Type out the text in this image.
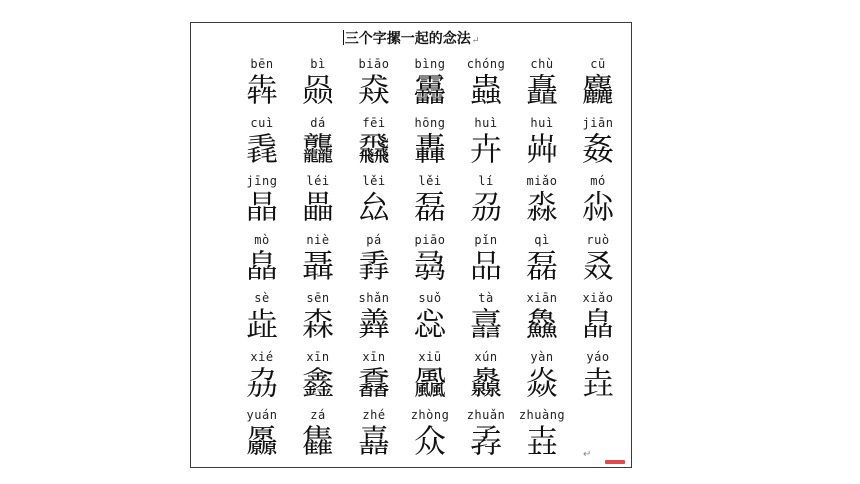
三个字摞一起的念法↵
bēn
犇
bì
赑
biāo
猋
bìng
靐
chóng
蟲
chù
矗
cū
麤
cuì
毳
dá
龘
fēi
飝
hōng
轟
huì
卉
huì
芔
jiān
姦
jīng
晶
léi
畾
lěi
厽
lěi
磊
lí
刕
miǎo
淼
mó
尛
mò
皛
niè
聶
pá
掱
piāo
骉
pǐn
品
qì
磊
ruò
叒
sè
歮
sēn
森
shǎn
羴
suǒ
惢
tà
譶
xiān
鱻
xiǎo
皛
xié
劦
xīn
鑫
xīn
馫
xiū
飍
xún
灥
yàn
焱
yáo
垚
yuán
厵
zá
雥
zhé
嚞
zhòng
众
zhuǎn
孨
zhuàng
壵	↵
